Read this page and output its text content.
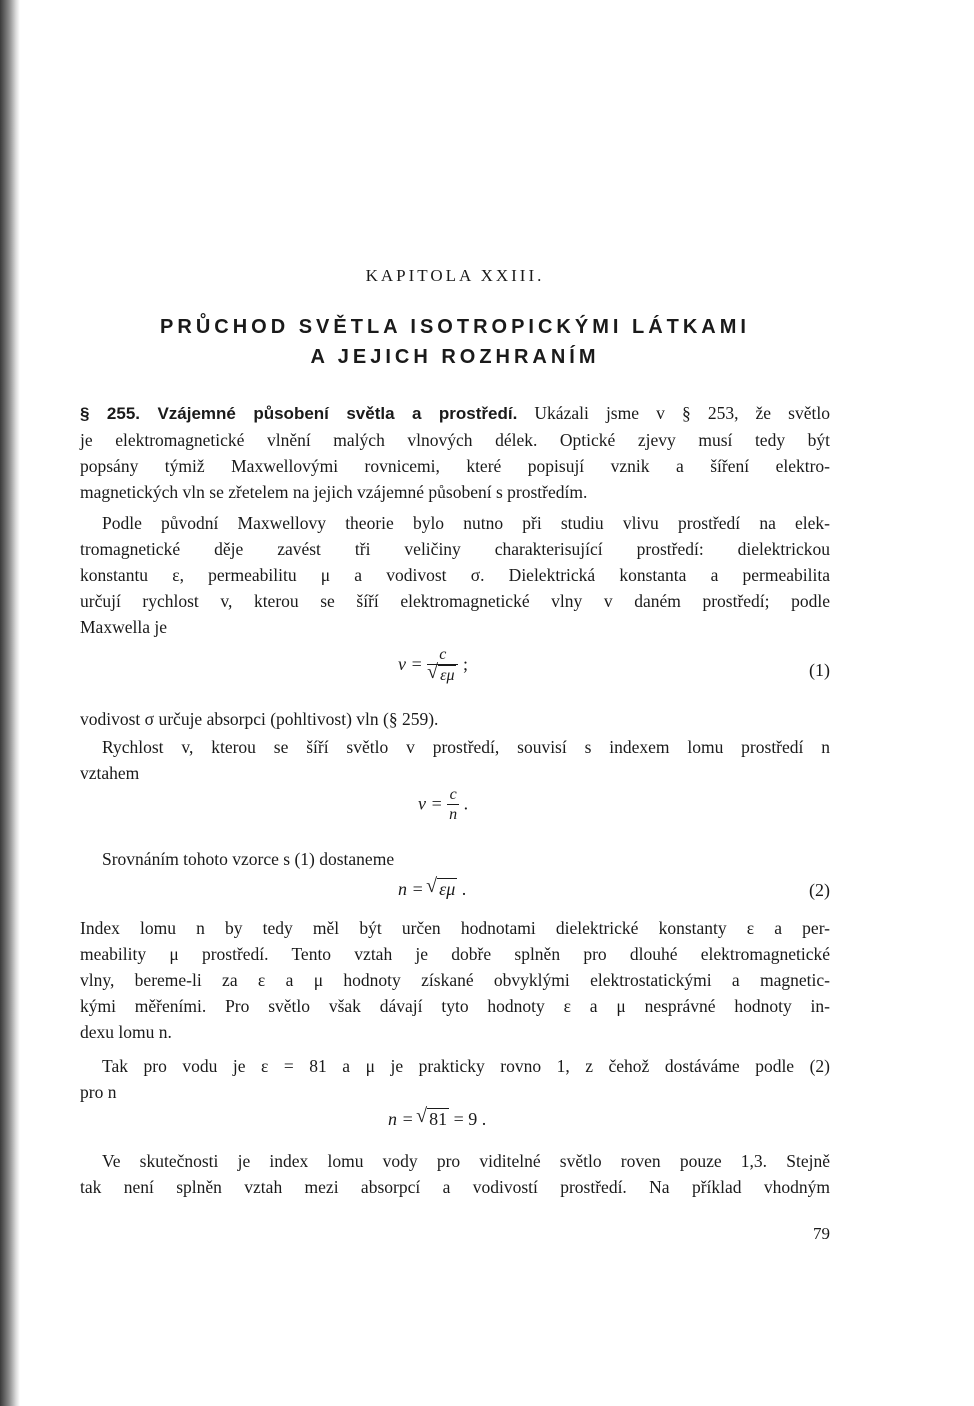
KAPITOLA XXIII.
PRŮCHOD SVĚTLA ISOTROPICKÝMI LÁTKAMI
A JEJICH ROZHRANÍM
§ 255. Vzájemné působení světla a prostředí. Ukázali jsme v § 253, že světlo
je elektromagnetické vlnění malých vlnových délek. Optické zjevy musí tedy být
popsány týmiž Maxwellovými rovnicemi, které popisují vznik a šíření elektro-
magnetických vln se zřetelem na jejich vzájemné působení s prostředím.
Podle původní Maxwellovy theorie bylo nutno při studiu vlivu prostředí na elek-
tromagnetické děje zavést tři veličiny charakterisující prostředí: dielektrickou
konstantu ε, permeabilitu μ a vodivost σ. Dielektrická konstanta a permeabilita
určují rychlost v, kterou se šíří elektromagnetické vlny v daném prostředí; podle
Maxwella je
v = c
√ εμ ;	(1)
vodivost σ určuje absorpci (pohltivost) vln (§ 259).
Rychlost v, kterou se šíří světlo v prostředí, souvisí s indexem lomu prostředí n
vztahem
$v = \frac{c}{n}$ .
Srovnáním tohoto vzorce s (1) dostaneme
n = √ εμ .	(2)
Index lomu n by tedy měl být určen hodnotami dielektrické konstanty ε a per-
meability μ prostředí. Tento vztah je dobře splněn pro dlouhé elektromagnetické
vlny, bereme-li za ε a μ hodnoty získané obvyklými elektrostatickými a magnetic-
kými měřeními. Pro světlo však dávají tyto hodnoty ε a μ nesprávné hodnoty in-
dexu lomu n.
Tak pro vodu je ε = 81 a μ je prakticky rovno 1, z čehož dostáváme podle (2)
pro n
n = √ 81 = 9 .
Ve skutečnosti je index lomu vody pro viditelné světlo roven pouze 1,3. Stejně
tak není splněn vztah mezi absorpcí a vodivostí prostředí. Na příklad vhodným
79
